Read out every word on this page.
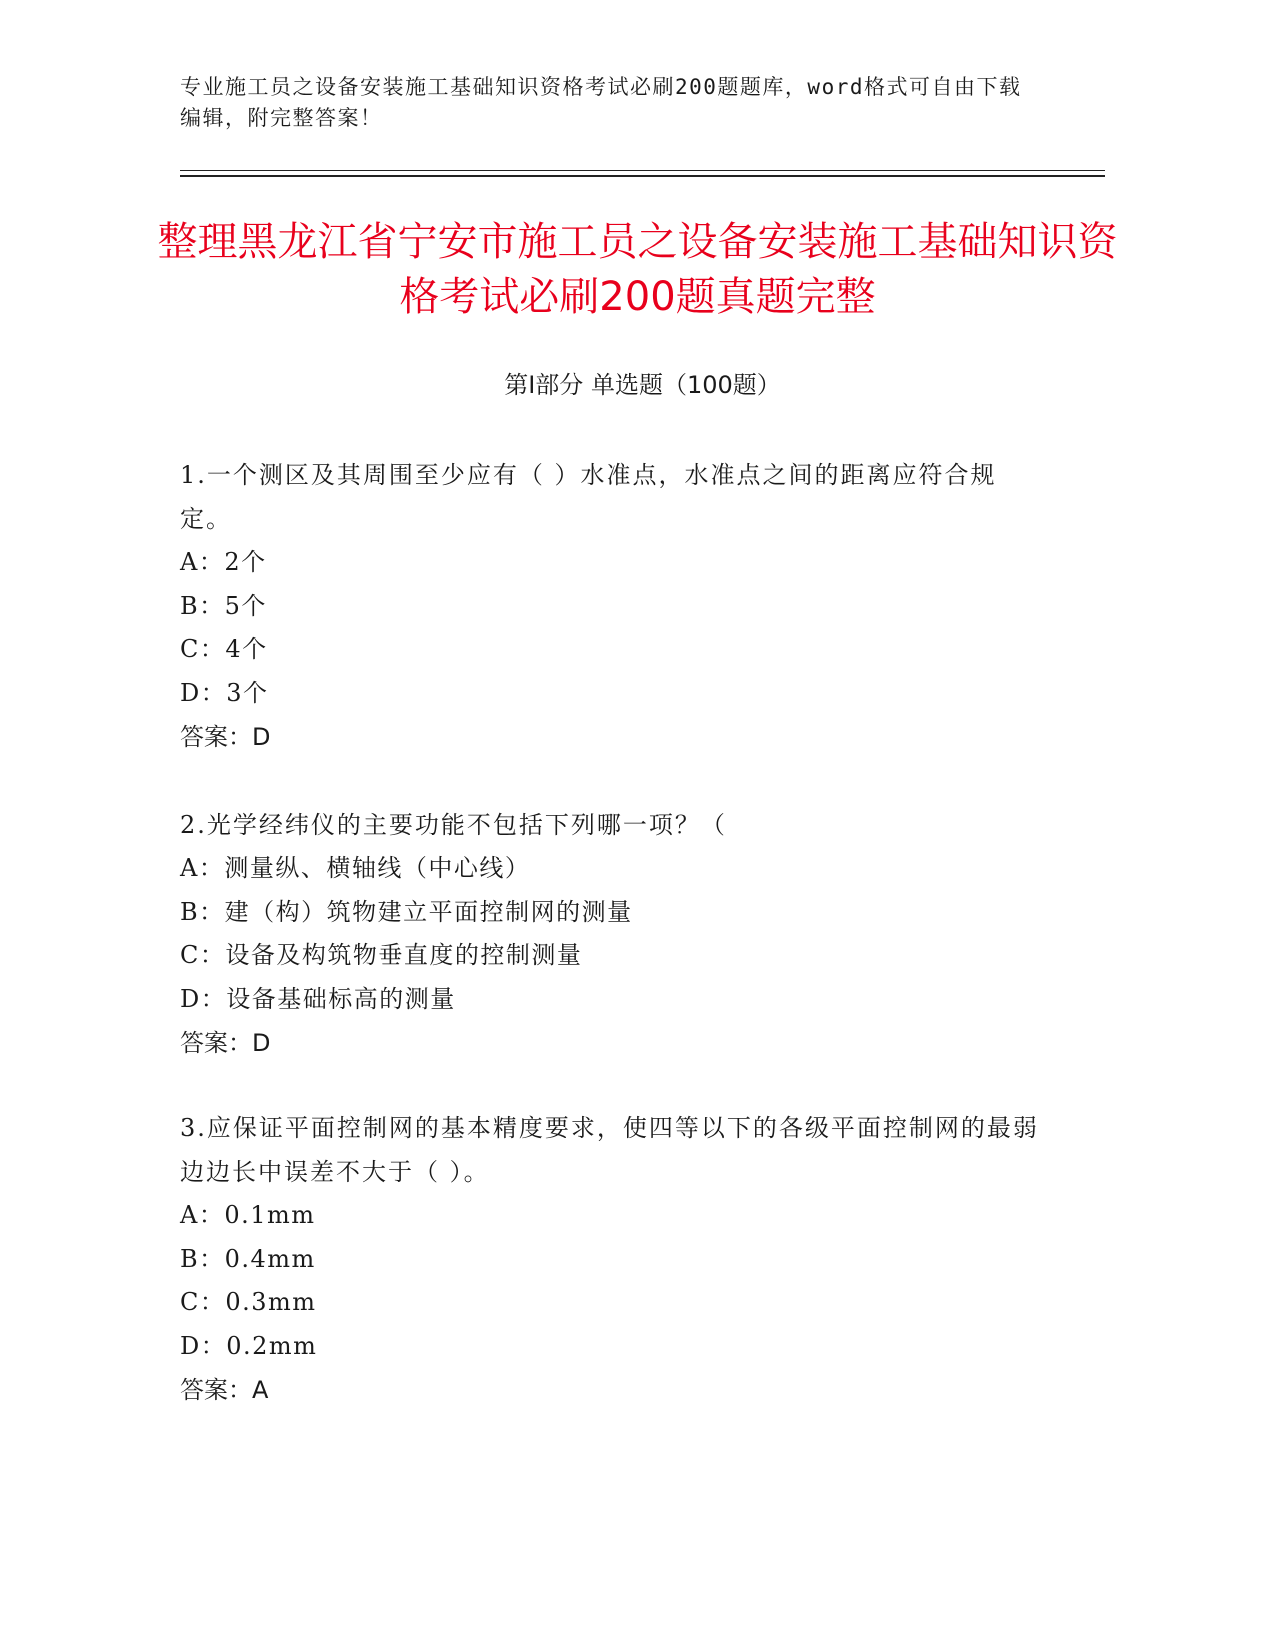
专业施工员之设备安装施工基础知识资格考试必刷200题题库，word格式可自由下载编辑，附完整答案！
整理黑龙江省宁安市施工员之设备安装施工基础知识资格考试必刷200题真题完整
第I部分 单选题（100题）
1.一个测区及其周围至少应有（ ）水准点，水准点之间的距离应符合规定。
A：2个
B：5个
C：4个
D：3个
答案：D
2.光学经纬仪的主要功能不包括下列哪一项？（
A：测量纵、横轴线（中心线）
B：建（构）筑物建立平面控制网的测量
C：设备及构筑物垂直度的控制测量
D：设备基础标高的测量
答案：D
3.应保证平面控制网的基本精度要求，使四等以下的各级平面控制网的最弱边边长中误差不大于（ ）。
A：0.1mm
B：0.4mm
C：0.3mm
D：0.2mm
答案：A
